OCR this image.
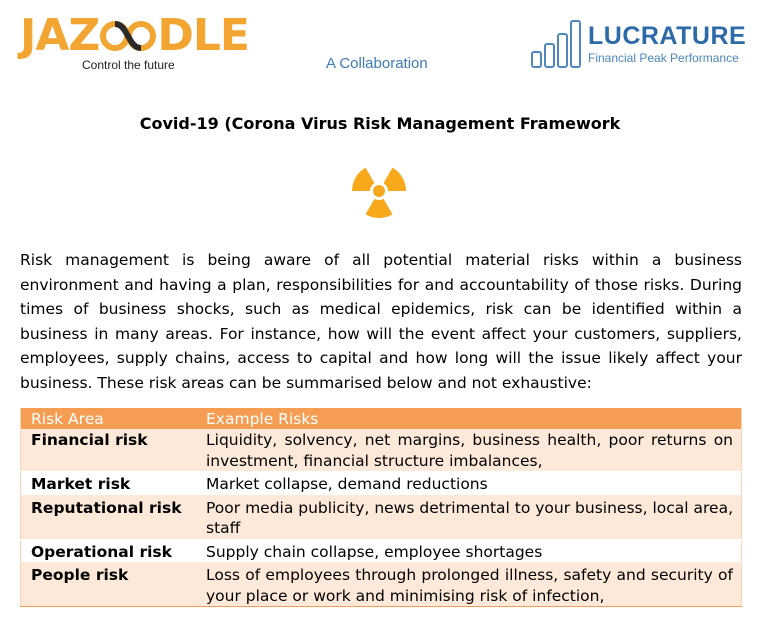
JAZ DLE
Control the future	A Collaboration
LUCRATURE
Financial Peak Performance
Covid-19 (Corona Virus Risk Management Framework

Risk management is being aware of all potential material risks within a business environment and having a plan, responsibilities for and accountability of those risks. During times of business shocks, such as medical epidemics, risk can be identified within a business in many areas. For instance, how will the event affect your customers, suppliers, employees, supply chains, access to capital and how long will the issue likely affect your business. These risk areas can be summarised below and not exhaustive:

Risk Area	Example Risks
Financial risk	Liquidity, solvency, net margins, business health, poor returns on investment, financial structure imbalances,
Market risk	Market collapse, demand reductions
Reputational risk	Poor media publicity, news detrimental to your business, local area, staff
Operational risk	Supply chain collapse, employee shortages
People risk	Loss of employees through prolonged illness, safety and security of your place or work and minimising risk of infection,
